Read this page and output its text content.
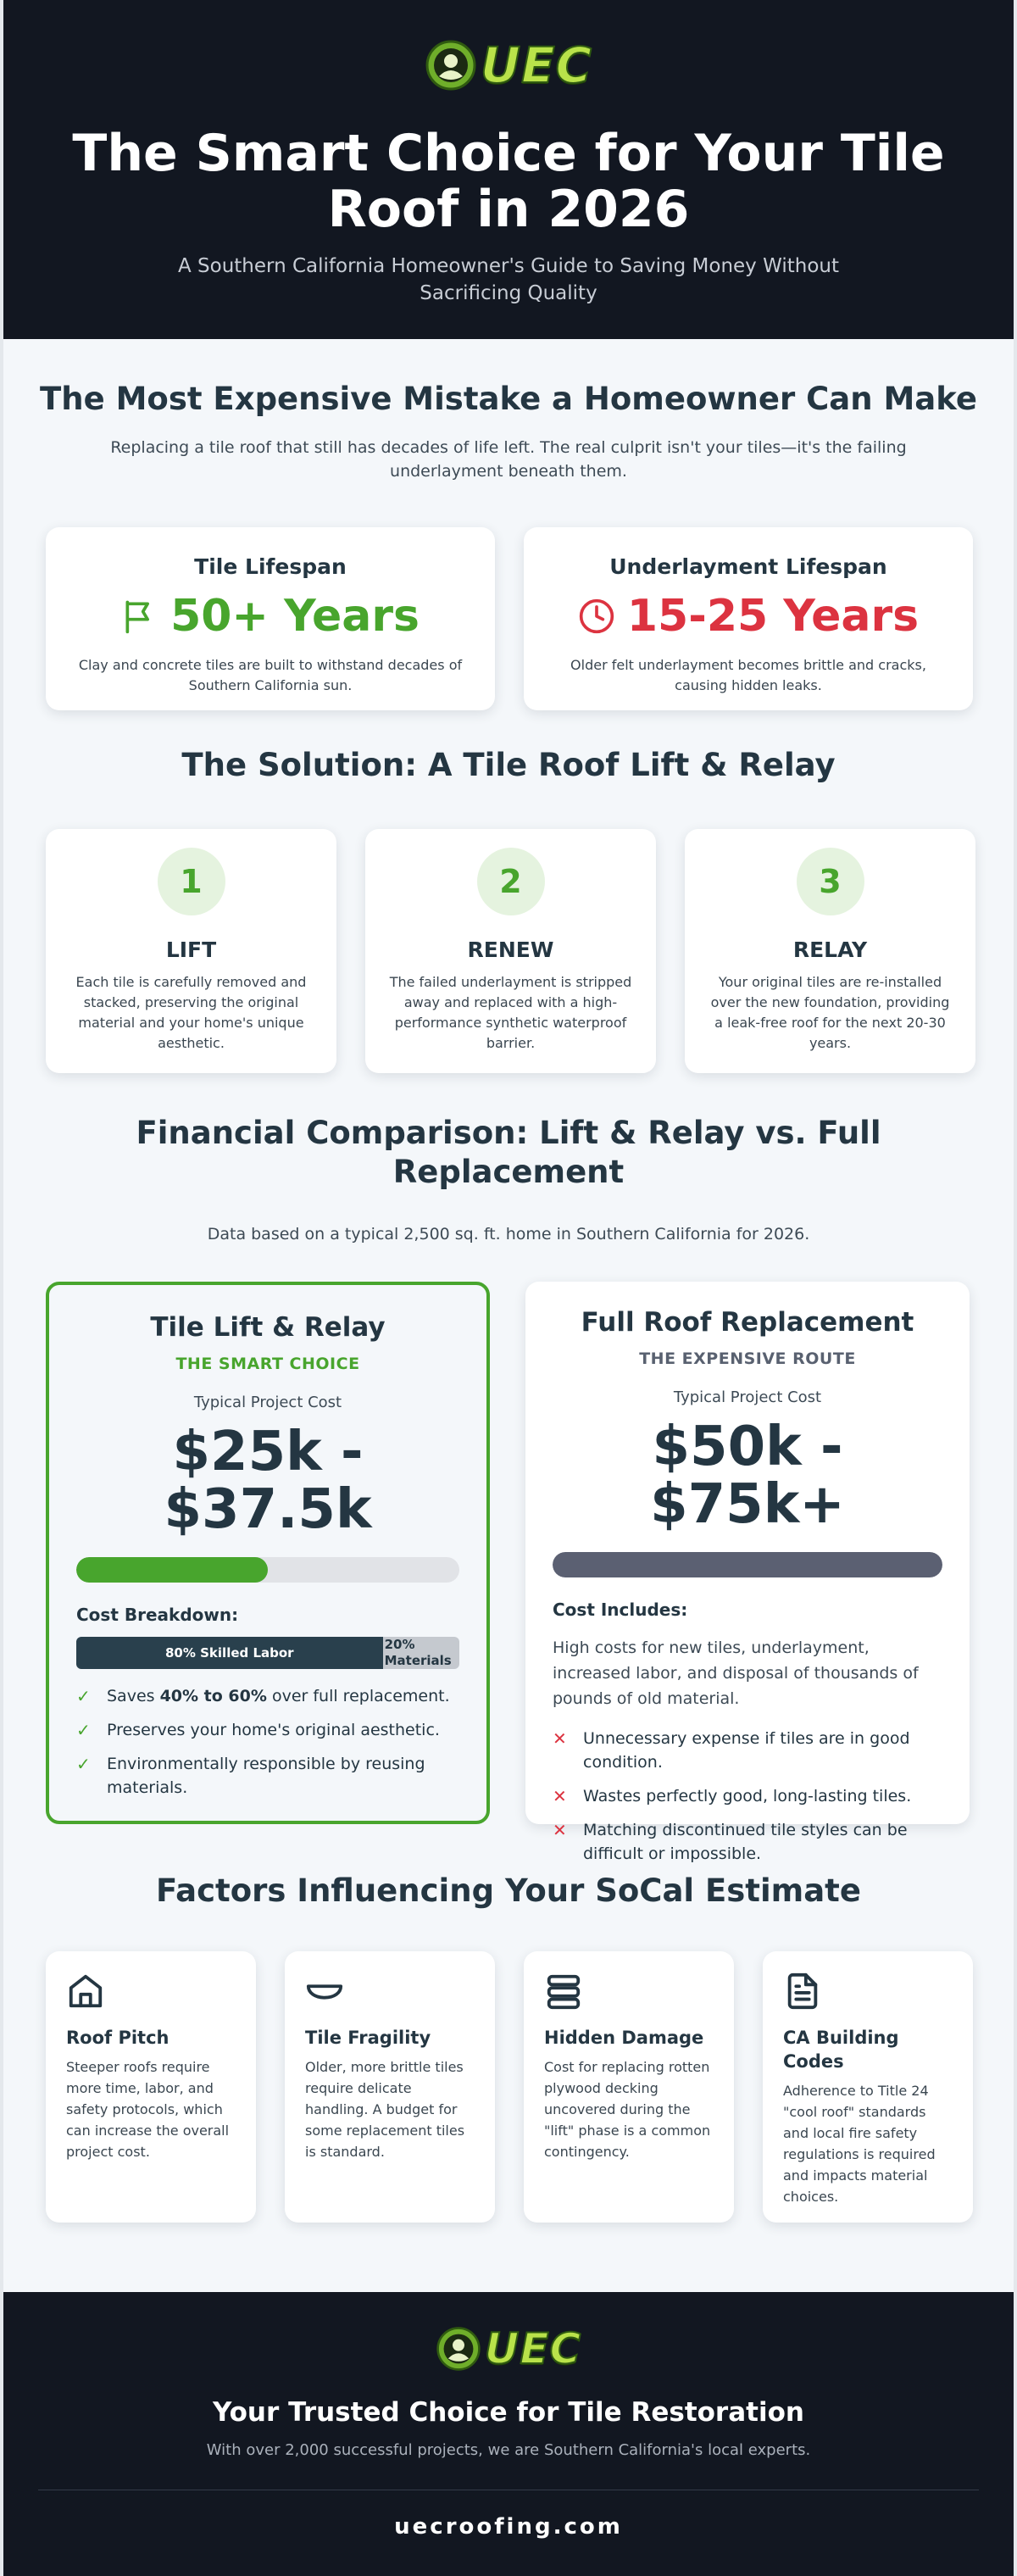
UEC
The Smart Choice for Your Tile Roof in 2026

A Southern California Homeowner's Guide to Saving Money Without Sacrificing Quality

The Most Expensive Mistake a Homeowner Can Make

Replacing a tile roof that still has decades of life left. The real culprit isn't your tiles—it's the failing underlayment beneath them.

Tile Lifespan
50+ Years

Clay and concrete tiles are built to withstand decades of Southern California sun.

Underlayment Lifespan
15-25 Years

Older felt underlayment becomes brittle and cracks, causing hidden leaks.

The Solution: A Tile Roof Lift & Relay
1
LIFT

Each tile is carefully removed and stacked, preserving the original material and your home's unique aesthetic.

2
RENEW

The failed underlayment is stripped away and replaced with a high-performance synthetic waterproof barrier.

3
RELAY

Your original tiles are re-installed over the new foundation, providing a leak-free roof for the next 20-30 years.

Financial Comparison: Lift & Relay vs. Full Replacement

Data based on a typical 2,500 sq. ft. home in Southern California for 2026.

Tile Lift & Relay
THE SMART CHOICE
Typical Project Cost
$25k - $37.5k
Cost Breakdown:
80% Skilled Labor
20% Materials
✓ Saves 40% to 60% over full replacement.
✓ Preserves your home's original aesthetic.
✓ Environmentally responsible by reusing materials.
Full Roof Replacement
THE EXPENSIVE ROUTE
Typical Project Cost
$50k - $75k+
Cost Includes:
High costs for new tiles, underlayment, increased labor, and disposal of thousands of pounds of old material.
✕ Unnecessary expense if tiles are in good condition.
✕ Wastes perfectly good, long-lasting tiles.
✕ Matching discontinued tile styles can be difficult or impossible.
Factors Influencing Your SoCal Estimate
Roof Pitch

Steeper roofs require more time, labor, and safety protocols, which can increase the overall project cost.

Tile Fragility

Older, more brittle tiles require delicate handling. A budget for some replacement tiles is standard.

Hidden Damage

Cost for replacing rotten plywood decking uncovered during the "lift" phase is a common contingency.

CA Building Codes

Adherence to Title 24 "cool roof" standards and local fire safety regulations is required and impacts material choices.

UEC
Your Trusted Choice for Tile Restoration

With over 2,000 successful projects, we are Southern California's local experts.

uecroofing.com
